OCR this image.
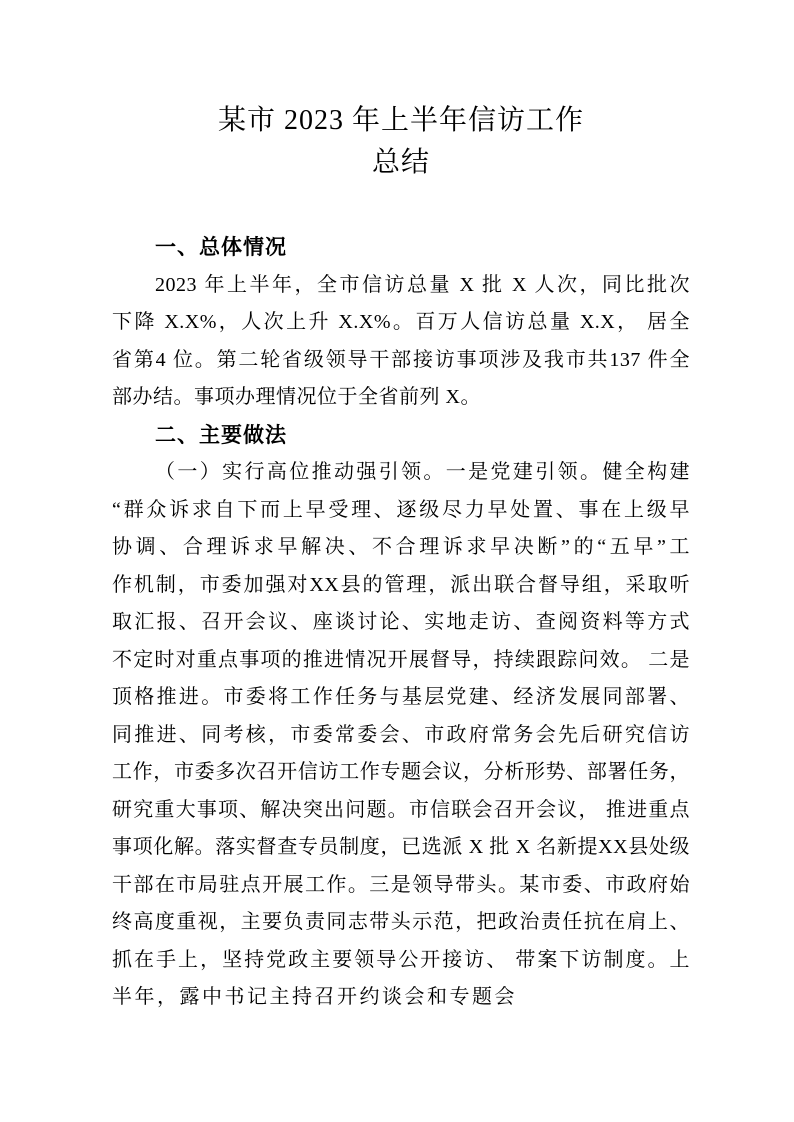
某市 2023 年上半年信访工作
总结
一、总体情况
2023 年上半年，全市信访总量 X 批 X 人次，同比批次
下降 X.X%，人次上升 X.X%。百万人信访总量 X.X， 居全
省第4 位。第二轮省级领导干部接访事项涉及我市共137 件全
部办结。事项办理情况位于全省前列 X。
二、主要做法
（一）实行高位推动强引领。一是党建引领。健全构建
“群众诉求自下而上早受理、逐级尽力早处置、事在上级早
协调、合理诉求早解决、不合理诉求早决断”的“五早”工
作机制，市委加强对XX县的管理，派出联合督导组，采取听
取汇报、召开会议、座谈讨论、实地走访、查阅资料等方式
不定时对重点事项的推进情况开展督导，持续跟踪问效。 二是
顶格推进。市委将工作任务与基层党建、经济发展同部署、
同推进、同考核，市委常委会、市政府常务会先后研究信访
工作，市委多次召开信访工作专题会议，分析形势、部署任务，
研究重大事项、解决突出问题。市信联会召开会议， 推进重点
事项化解。落实督查专员制度，已选派 X 批 X 名新提XX县处级
干部在市局驻点开展工作。三是领导带头。某市委、市政府始
终高度重视，主要负责同志带头示范，把政治责任抗在肩上、
抓在手上，坚持党政主要领导公开接访、 带案下访制度。上
半年，露中书记主持召开约谈会和专题会
